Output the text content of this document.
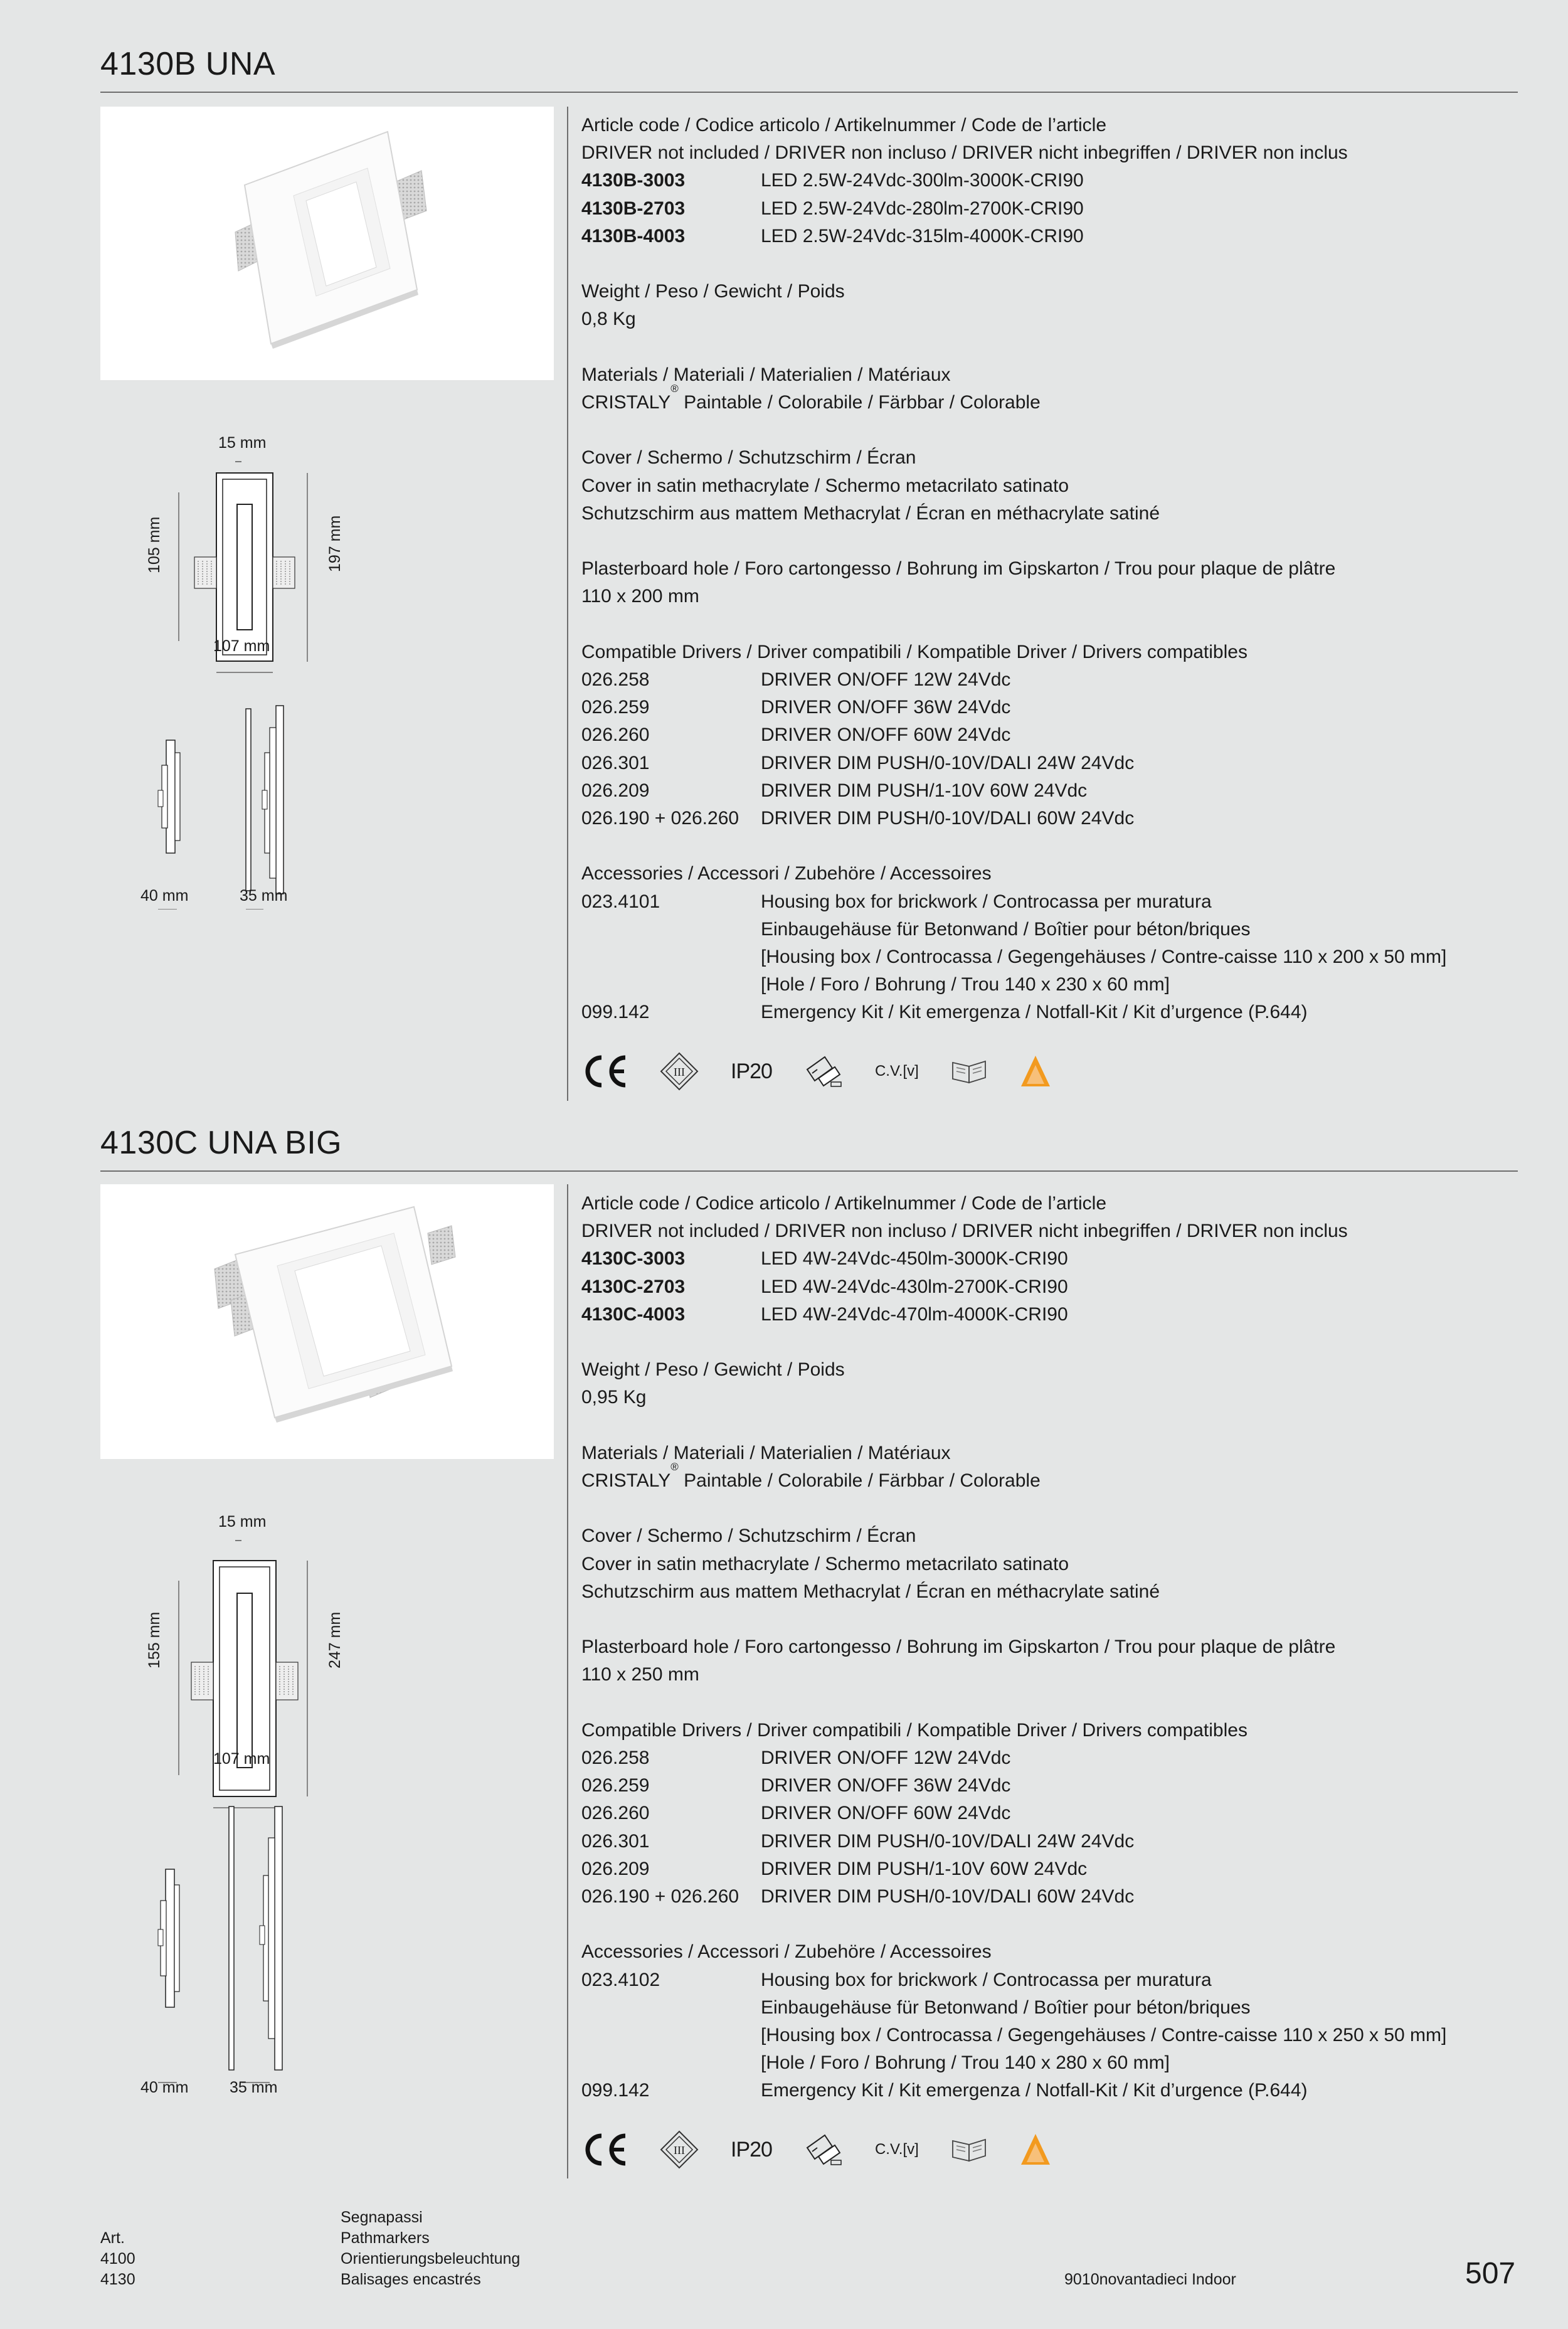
4130B UNA
15 mm
105 mm	197 mm
107 mm
40 mm	35 mm
Article code / Codice articolo / Artikelnummer / Code de l’article
DRIVER not included / DRIVER non incluso / DRIVER nicht inbegriffen / DRIVER non inclus
4130B-3003	LED 2.5W-24Vdc-300lm-3000K-CRI90
4130B-2703	LED 2.5W-24Vdc-280lm-2700K-CRI90
4130B-4003	LED 2.5W-24Vdc-315lm-4000K-CRI90
Weight / Peso / Gewicht / Poids
0,8 Kg
Materials / Materiali / Materialien / Matériaux
CRISTALY
®
Paintable / Colorabile / Färbbar / Colorable
Cover / Schermo / Schutzschirm / Écran
Cover in satin methacrylate / Schermo metacrilato satinato
Schutzschirm aus mattem Methacrylat / Écran en méthacrylate satiné
Plasterboard hole / Foro cartongesso / Bohrung im Gipskarton / Trou pour plaque de plâtre
110 x 200 mm
Compatible Drivers / Driver compatibili / Kompatible Driver / Drivers compatibles
026.258	DRIVER ON/OFF 12W 24Vdc
026.259	DRIVER ON/OFF 36W 24Vdc
026.260	DRIVER ON/OFF 60W 24Vdc
026.301	DRIVER DIM PUSH/0-10V/DALI 24W 24Vdc
026.209	DRIVER DIM PUSH/1-10V 60W 24Vdc
026.190 + 026.260	DRIVER DIM PUSH/0-10V/DALI 60W 24Vdc
Accessories / Accessori / Zubehöre / Accessoires
023.4101	Housing box for brickwork / Controcassa per muratura
Einbaugehäuse für Betonwand / Boîtier pour béton/briques
[Housing box / Controcassa / Gegengehäuses / Contre-caisse 110 x 200 x 50 mm]
[Hole / Foro / Bohrung / Trou 140 x 230 x 60 mm]
099.142	Emergency Kit / Kit emergenza / Notfall-Kit / Kit d’urgence (P.644)
III IP20	C.V. [v]
4130C UNA BIG
15 mm
155 mm	247 mm
107 mm
40 mm	35 mm
Article code / Codice articolo / Artikelnummer / Code de l’article
DRIVER not included / DRIVER non incluso / DRIVER nicht inbegriffen / DRIVER non inclus
4130C-3003	LED 4W-24Vdc-450lm-3000K-CRI90
4130C-2703	LED 4W-24Vdc-430lm-2700K-CRI90
4130C-4003	LED 4W-24Vdc-470lm-4000K-CRI90
Weight / Peso / Gewicht / Poids
0,95 Kg
Materials / Materiali / Materialien / Matériaux
CRISTALY
®
Paintable / Colorabile / Färbbar / Colorable
Cover / Schermo / Schutzschirm / Écran
Cover in satin methacrylate / Schermo metacrilato satinato
Schutzschirm aus mattem Methacrylat / Écran en méthacrylate satiné
Plasterboard hole / Foro cartongesso / Bohrung im Gipskarton / Trou pour plaque de plâtre
110 x 250 mm
Compatible Drivers / Driver compatibili / Kompatible Driver / Drivers compatibles
026.258	DRIVER ON/OFF 12W 24Vdc
026.259	DRIVER ON/OFF 36W 24Vdc
026.260	DRIVER ON/OFF 60W 24Vdc
026.301	DRIVER DIM PUSH/0-10V/DALI 24W 24Vdc
026.209	DRIVER DIM PUSH/1-10V 60W 24Vdc
026.190 + 026.260	DRIVER DIM PUSH/0-10V/DALI 60W 24Vdc
Accessories / Accessori / Zubehöre / Accessoires
023.4102	Housing box for brickwork / Controcassa per muratura
Einbaugehäuse für Betonwand / Boîtier pour béton/briques
[Housing box / Controcassa / Gegengehäuses / Contre-caisse 110 x 250 x 50 mm]
[Hole / Foro / Bohrung / Trou 140 x 280 x 60 mm]
099.142	Emergency Kit / Kit emergenza / Notfall-Kit / Kit d’urgence (P.644)
III IP20	C.V. [v]
Art.
4100
4130
Segnapassi
Pathmarkers
Orientierungsbeleuchtung
Balisages encastrés	9010novantadieci Indoor	507
